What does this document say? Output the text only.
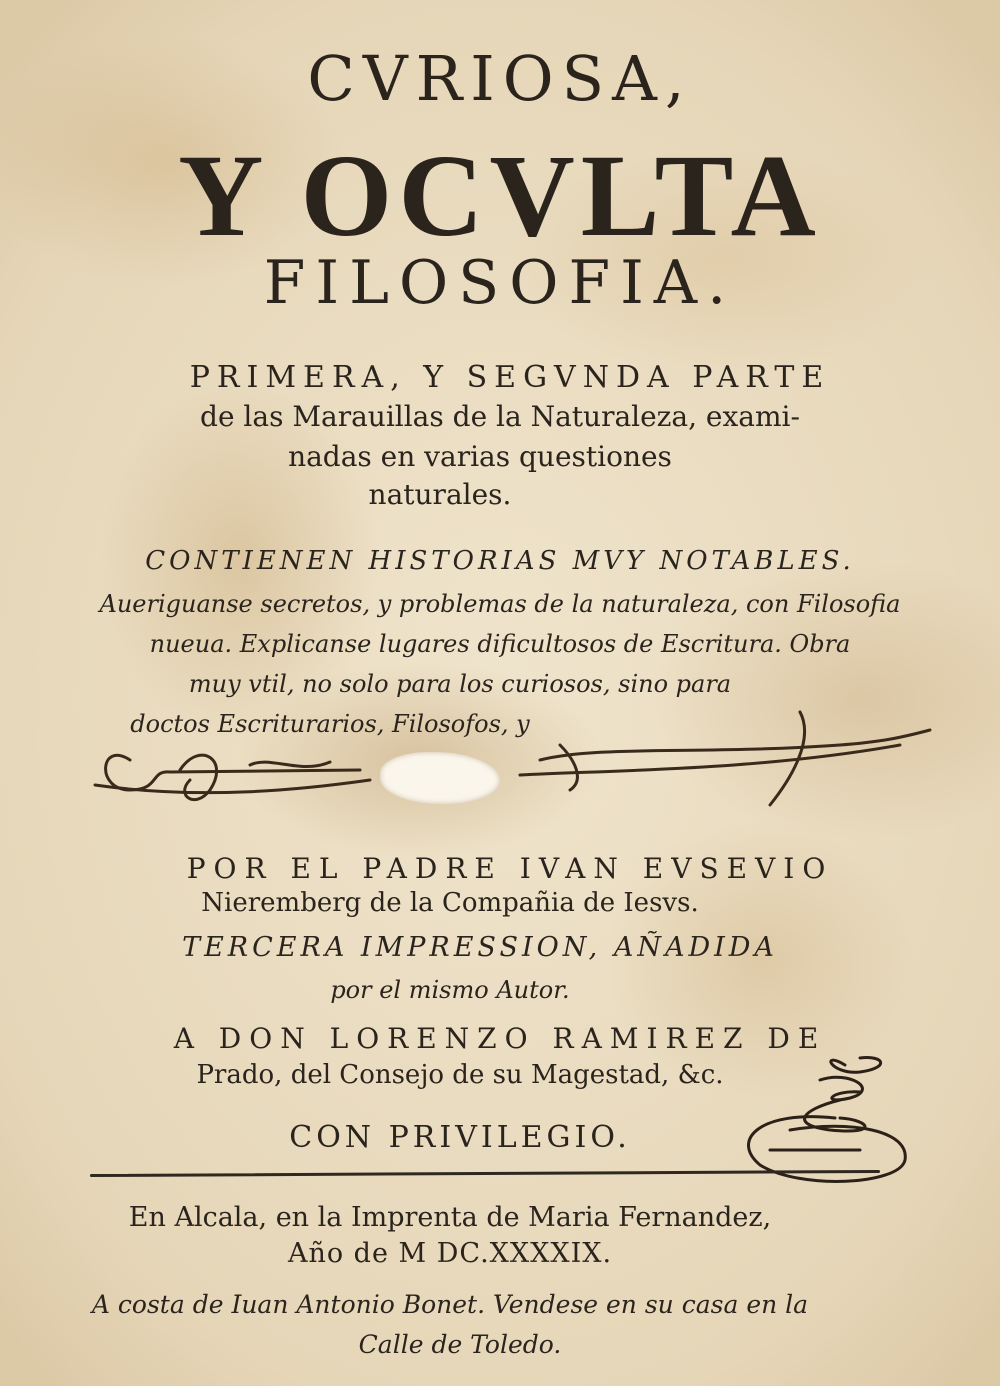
CVRIOSA,
Y OCVLTA
FILOSOFIA.
PRIMERA, Y SEGVNDA PARTE
de las Marauillas de la Naturaleza, exami-
nadas en varias questiones
naturales.
CONTIENEN HISTORIAS MVY NOTABLES.
Aueriguanse secretos, y problemas de la naturaleza, con Filosofia
nueua. Explicanse lugares dificultosos de Escritura. Obra
muy vtil, no solo para los curiosos, sino para
doctos Escriturarios, Filosofos, y
POR EL PADRE IVAN EVSEVIO
Nieremberg de la Compañia de Iesvs.
TERCERA IMPRESSION, AÑADIDA
por el mismo Autor.
A DON LORENZO RAMIREZ DE
Prado, del Consejo de su Magestad, &c.
CON PRIVILEGIO.
En Alcala, en la Imprenta de Maria Fernandez,
Año de M DC.XXXXIX.
A costa de Iuan Antonio Bonet. Vendese en su casa en la
Calle de Toledo.
